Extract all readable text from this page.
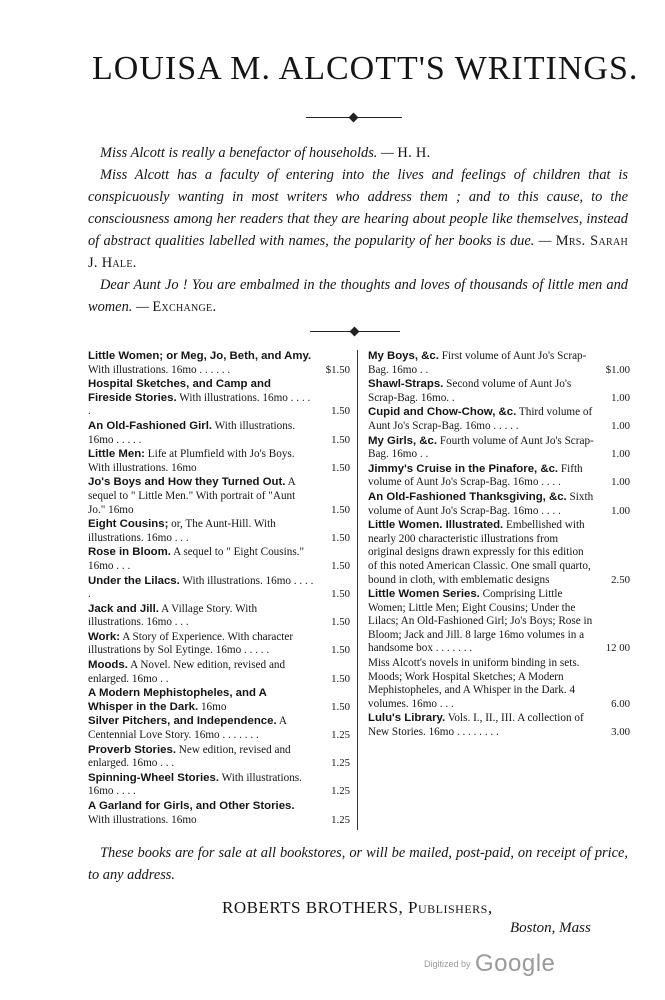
LOUISA M. ALCOTT'S WRITINGS.

Miss Alcott is really a benefactor of households. — H. H.

Miss Alcott has a faculty of entering into the lives and feelings of children that is conspicuously wanting in most writers who address them ; and to this cause, to the consciousness among her readers that they are hearing about people like themselves, instead of abstract qualities labelled with names, the popularity of her books is due. — Mrs. Sarah J. Hale.

Dear Aunt Jo ! You are embalmed in the thoughts and loves of thousands of little men and women. — Exchange.

Little Women; or Meg, Jo, Beth, and Amy. With illustrations. 16mo . . . . . .	$1.50
Hospital Sketches, and Camp and Fireside Stories. With illustrations. 16mo . . . . .	1.50
An Old-Fashioned Girl. With illustrations. 16mo . . . . .	1.50
Little Men: Life at Plumfield with Jo's Boys. With illustrations. 16mo	1.50
Jo's Boys and How they Turned Out. A sequel to " Little Men." With portrait of "Aunt Jo." 16mo	1.50
Eight Cousins; or, The Aunt-Hill. With illustrations. 16mo . . .	1.50
Rose in Bloom. A sequel to " Eight Cousins." 16mo . . .	1.50
Under the Lilacs. With illustrations. 16mo . . . . .	1.50
Jack and Jill. A Village Story. With illustrations. 16mo . . .	1.50
Work: A Story of Experience. With character illustrations by Sol Eytinge. 16mo . . . . .	1.50
Moods. A Novel. New edition, revised and enlarged. 16mo . .	1.50
A Modern Mephistopheles, and A Whisper in the Dark. 16mo	1.50
Silver Pitchers, and Independence. A Centennial Love Story. 16mo . . . . . . .	1.25
Proverb Stories. New edition, revised and enlarged. 16mo . . .	1.25
Spinning-Wheel Stories. With illustrations. 16mo . . . .	1.25
A Garland for Girls, and Other Stories. With illustrations. 16mo	1.25
My Boys, &c. First volume of Aunt Jo's Scrap-Bag. 16mo . .	$1.00
Shawl-Straps. Second volume of Aunt Jo's Scrap-Bag. 16mo. .	1.00
Cupid and Chow-Chow, &c. Third volume of Aunt Jo's Scrap-Bag. 16mo . . . . .	1.00
My Girls, &c. Fourth volume of Aunt Jo's Scrap-Bag. 16mo . .	1.00
Jimmy's Cruise in the Pinafore, &c. Fifth volume of Aunt Jo's Scrap-Bag. 16mo . . . .	1.00
An Old-Fashioned Thanksgiving, &c. Sixth volume of Aunt Jo's Scrap-Bag. 16mo . . . .	1.00
Little Women. Illustrated. Embellished with nearly 200 characteristic illustrations from original designs drawn expressly for this edition of this noted American Classic. One small quarto, bound in cloth, with emblematic designs	2.50
Little Women Series. Comprising Little Women; Little Men; Eight Cousins; Under the Lilacs; An Old-Fashioned Girl; Jo's Boys; Rose in Bloom; Jack and Jill. 8 large 16mo volumes in a handsome box . . . . . . .	12 00
Miss Alcott's novels in uniform binding in sets. Moods; Work Hospital Sketches; A Modern Mephistopheles, and A Whisper in the Dark. 4 volumes. 16mo . . .	6.00
Lulu's Library. Vols. I., II., III. A collection of New Stories. 16mo . . . . . . . .	3.00
These books are for sale at all bookstores, or will be mailed, post-paid, on receipt of price, to any address.
ROBERTS BROTHERS, Publishers,
Boston, Mass
$^{Digitized by}$ Google
